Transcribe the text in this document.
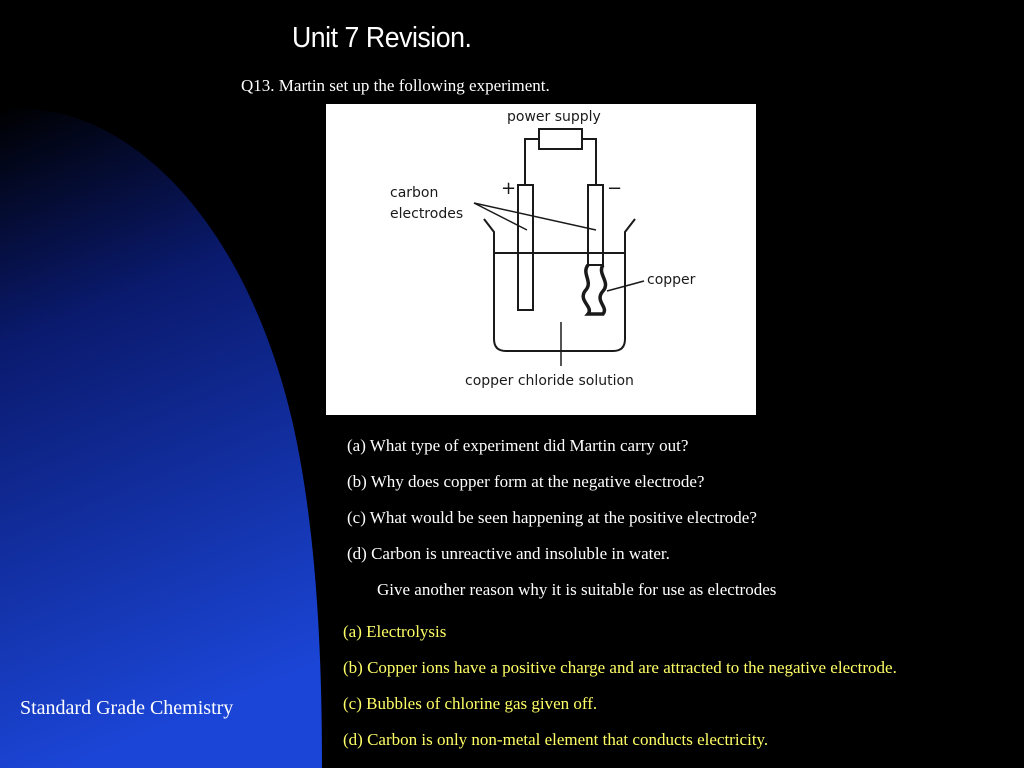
Unit 7 Revision.
Q13. Martin set up the following experiment.
power supply
carbon
electrodes
+	−
copper
copper chloride solution
(a) What type of experiment did Martin carry out?
(b) Why does copper form at the negative electrode?
(c) What would be seen happening at the positive electrode?
(d) Carbon is unreactive and insoluble in water.
Give another reason why it is suitable for use as electrodes
(a) Electrolysis
(b) Copper ions have a positive charge and are attracted to the negative electrode.
(c) Bubbles of chlorine gas given off.
(d) Carbon is only non-metal element that conducts electricity.
Standard Grade Chemistry
